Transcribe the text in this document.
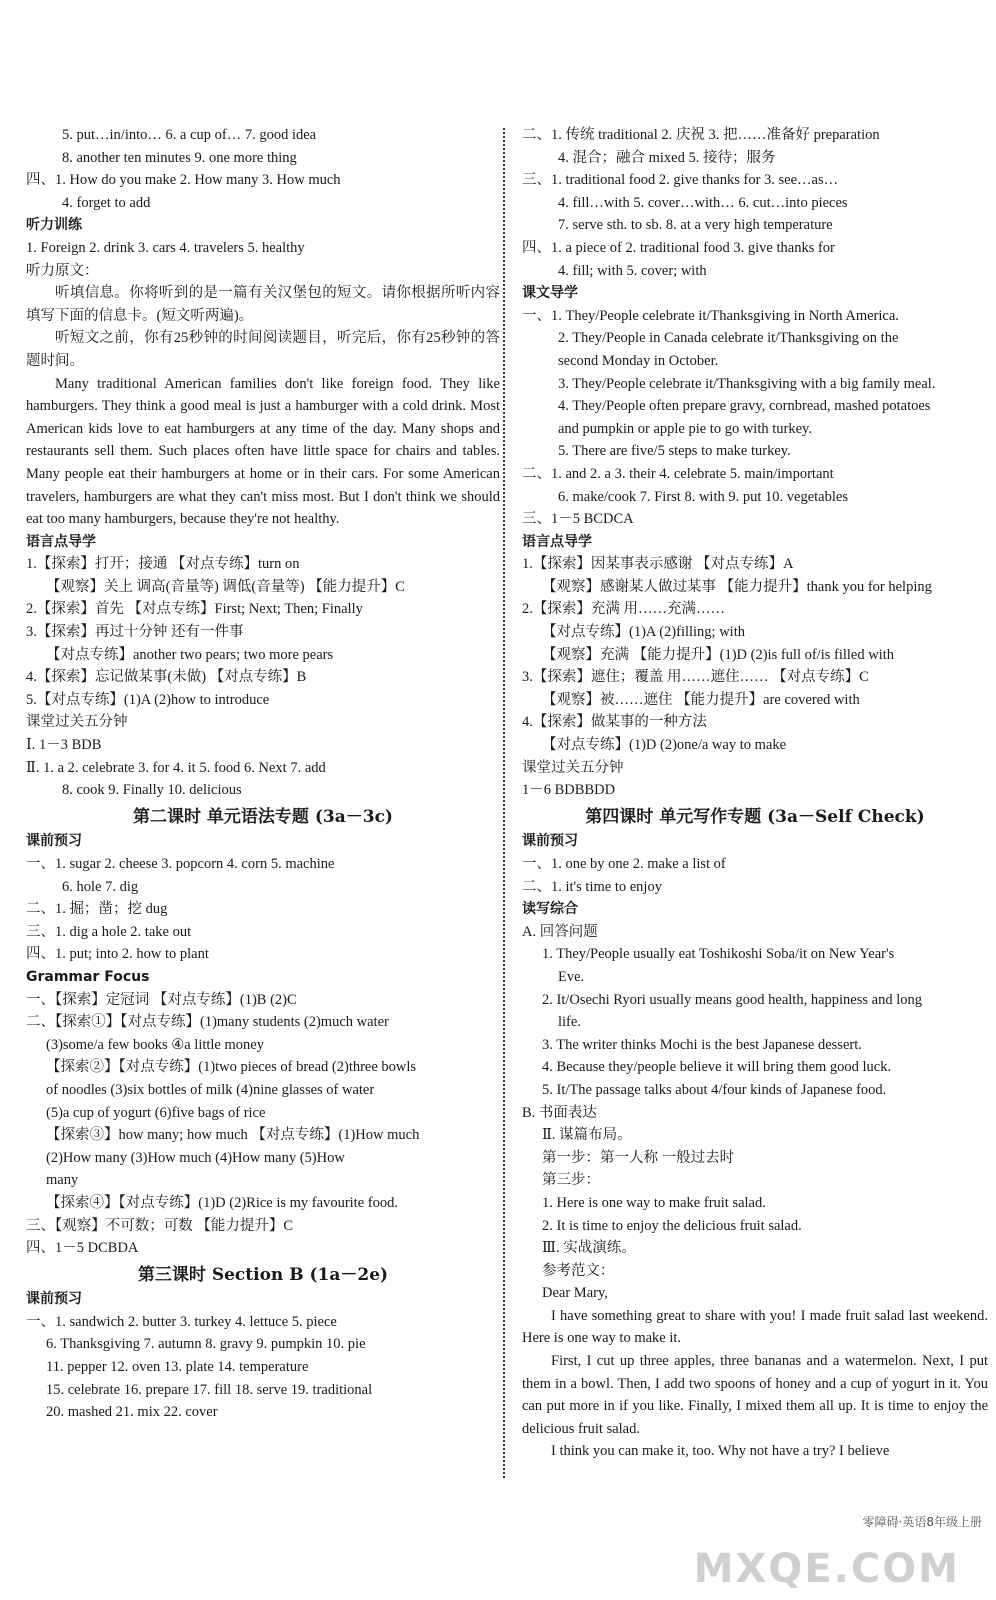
5. put…in/into… 6. a cup of… 7. good idea
8. another ten minutes 9. one more thing
四、1. How do you make 2. How many 3. How much
4. forget to add
听力训练
1. Foreign 2. drink 3. cars 4. travelers 5. healthy
听力原文：
听填信息。你将听到的是一篇有关汉堡包的短文。请你根据所听内容填写下面的信息卡。(短文听两遍)。
听短文之前，你有25秒钟的时间阅读题目，听完后，你有25秒钟的答题时间。
Many traditional American families don't like foreign food. They like hamburgers. They think a good meal is just a hamburger with a cold drink. Most American kids love to eat hamburgers at any time of the day. Many shops and restaurants sell them. Such places often have little space for chairs and tables. Many people eat their hamburgers at home or in their cars. For some American travelers, hamburgers are what they can't miss most. But I don't think we should eat too many hamburgers, because they're not healthy.
语言点导学
1.【探索】打开；接通 【对点专练】turn on
【观察】关上 调高(音量等) 调低(音量等) 【能力提升】C
2.【探索】首先 【对点专练】First; Next; Then; Finally
3.【探索】再过十分钟 还有一件事
【对点专练】another two pears; two more pears
4.【探索】忘记做某事(未做) 【对点专练】B
5.【对点专练】(1)A (2)how to introduce
课堂过关五分钟
Ⅰ. 1－3 BDB
Ⅱ. 1. a 2. celebrate 3. for 4. it 5. food 6. Next 7. add
8. cook 9. Finally 10. delicious
第二课时 单元语法专题 (3a－3c)
课前预习
一、1. sugar 2. cheese 3. popcorn 4. corn 5. machine
6. hole 7. dig
二、1. 掘；凿；挖 dug
三、1. dig a hole 2. take out
四、1. put; into 2. how to plant
Grammar Focus
一、【探索】定冠词 【对点专练】(1)B (2)C
二、【探索①】【对点专练】(1)many students (2)much water
(3)some/a few books ④a little money
【探索②】【对点专练】(1)two pieces of bread (2)three bowls
of noodles (3)six bottles of milk (4)nine glasses of water
(5)a cup of yogurt (6)five bags of rice
【探索③】how many; how much 【对点专练】(1)How much
(2)How many (3)How much (4)How many (5)How
many
【探索④】【对点专练】(1)D (2)Rice is my favourite food.
三、【观察】不可数；可数 【能力提升】C
四、1－5 DCBDA
第三课时 Section B (1a－2e)
课前预习
一、1. sandwich 2. butter 3. turkey 4. lettuce 5. piece
6. Thanksgiving 7. autumn 8. gravy 9. pumpkin 10. pie
11. pepper 12. oven 13. plate 14. temperature
15. celebrate 16. prepare 17. fill 18. serve 19. traditional
20. mashed 21. mix 22. cover
二、1. 传统 traditional 2. 庆祝 3. 把……准备好 preparation
4. 混合；融合 mixed 5. 接待；服务
三、1. traditional food 2. give thanks for 3. see…as…
4. fill…with 5. cover…with… 6. cut…into pieces
7. serve sth. to sb. 8. at a very high temperature
四、1. a piece of 2. traditional food 3. give thanks for
4. fill; with 5. cover; with
课文导学
一、1. They/People celebrate it/Thanksgiving in North America.
2. They/People in Canada celebrate it/Thanksgiving on the
second Monday in October.
3. They/People celebrate it/Thanksgiving with a big family meal.
4. They/People often prepare gravy, cornbread, mashed potatoes
and pumpkin or apple pie to go with turkey.
5. There are five/5 steps to make turkey.
二、1. and 2. a 3. their 4. celebrate 5. main/important
6. make/cook 7. First 8. with 9. put 10. vegetables
三、1－5 BCDCA
语言点导学
1.【探索】因某事表示感谢 【对点专练】A
【观察】感谢某人做过某事 【能力提升】thank you for helping
2.【探索】充满 用……充满……
【对点专练】(1)A (2)filling; with
【观察】充满 【能力提升】(1)D (2)is full of/is filled with
3.【探索】遮住；覆盖 用……遮住…… 【对点专练】C
【观察】被……遮住 【能力提升】are covered with
4.【探索】做某事的一种方法
【对点专练】(1)D (2)one/a way to make
课堂过关五分钟
1－6 BDBBDD
第四课时 单元写作专题 (3a－Self Check)
课前预习
一、1. one by one 2. make a list of
二、1. it's time to enjoy
读写综合
A. 回答问题
1. They/People usually eat Toshikoshi Soba/it on New Year's
Eve.
2. It/Osechi Ryori usually means good health, happiness and long
life.
3. The writer thinks Mochi is the best Japanese dessert.
4. Because they/people believe it will bring them good luck.
5. It/The passage talks about 4/four kinds of Japanese food.
B. 书面表达
Ⅱ. 谋篇布局。
第一步：第一人称 一般过去时
第三步：
1. Here is one way to make fruit salad.
2. It is time to enjoy the delicious fruit salad.
Ⅲ. 实战演练。
参考范文：
Dear Mary,
I have something great to share with you! I made fruit salad last weekend. Here is one way to make it.
First, I cut up three apples, three bananas and a watermelon. Next, I put them in a bowl. Then, I add two spoons of honey and a cup of yogurt in it. You can put more in if you like. Finally, I mixed them all up. It is time to enjoy the delicious fruit salad.
I think you can make it, too. Why not have a try? I believe
零障碍·英语8年级上册
MXQE.COM
